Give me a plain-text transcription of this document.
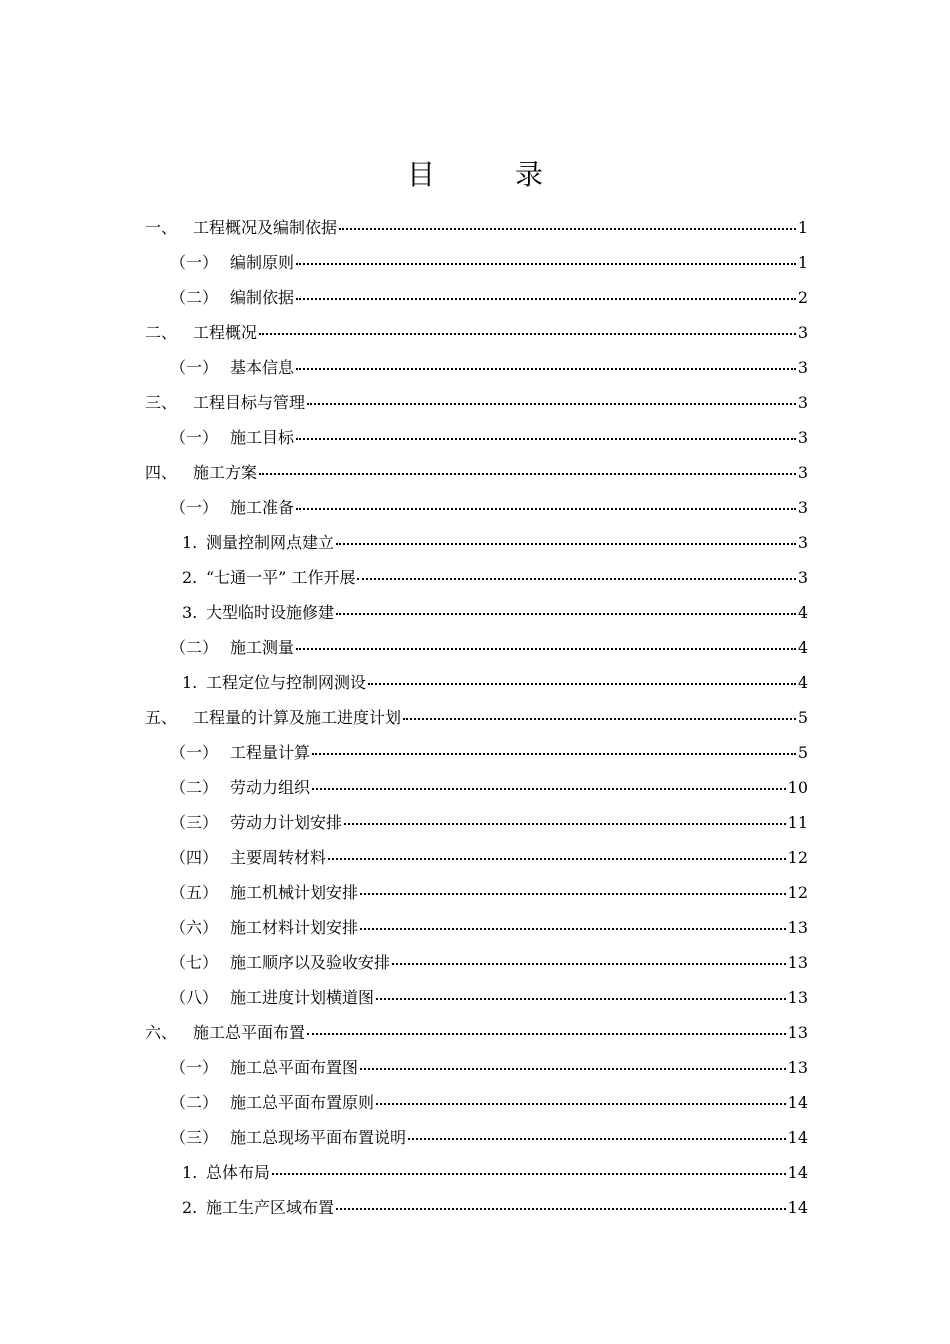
目　录
一、 工程概况及编制依据	1
（一） 编制原则	1
（二） 编制依据	2
二、 工程概况	3
（一） 基本信息	3
三、 工程目标与管理	3
（一） 施工目标	3
四、 施工方案	3
（一） 施工准备	3
1. 测量控制网点建立	3
2. “七通一平” 工作开展	3
3. 大型临时设施修建	4
（二） 施工测量	4
1. 工程定位与控制网测设	4
五、 工程量的计算及施工进度计划	5
（一） 工程量计算	5
（二） 劳动力组织	10
（三） 劳动力计划安排	11
（四） 主要周转材料	12
（五） 施工机械计划安排	12
（六） 施工材料计划安排	13
（七） 施工顺序以及验收安排	13
（八） 施工进度计划横道图	13
六、 施工总平面布置	13
（一） 施工总平面布置图	13
（二） 施工总平面布置原则	14
（三） 施工总现场平面布置说明	14
1. 总体布局	14
2. 施工生产区域布置	14
